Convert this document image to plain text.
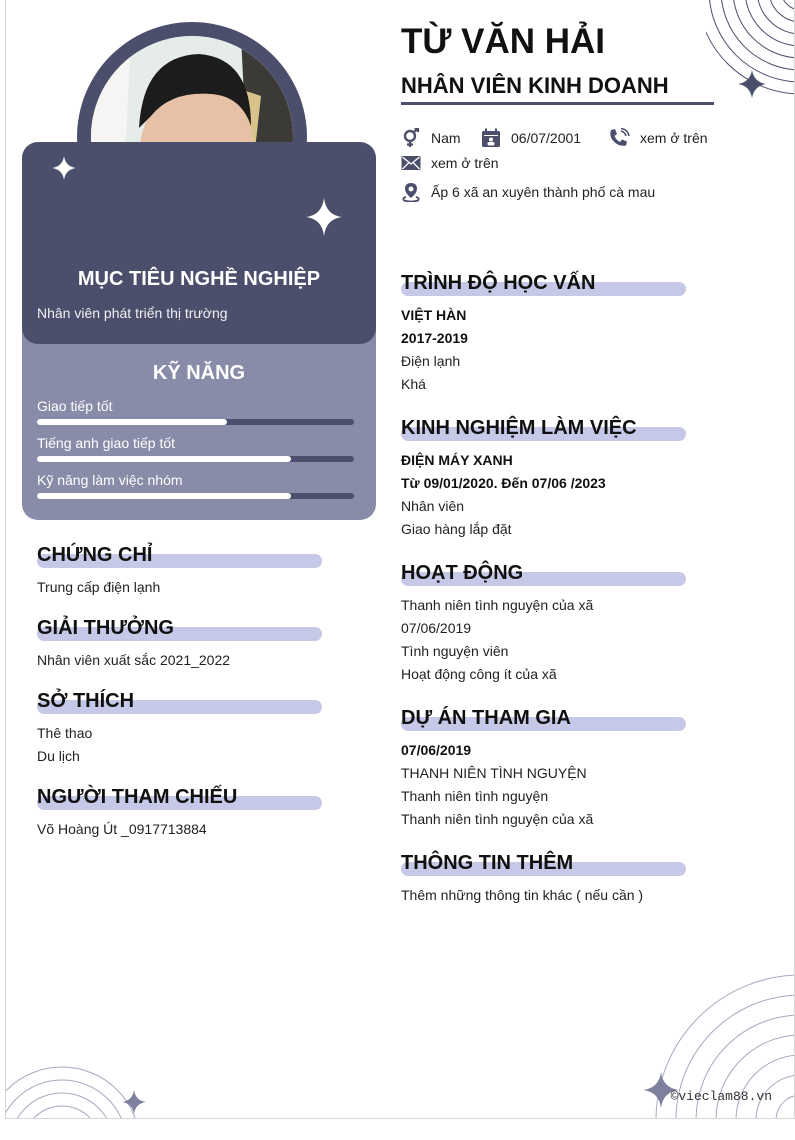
MỤC TIÊU NGHỀ NGHIỆP
Nhân viên phát triển thị trường
KỸ NĂNG
Giao tiếp tốt
Tiếng anh giao tiếp tốt
Kỹ năng làm việc nhóm
CHỨNG CHỈ
Trung cấp điện lạnh
GIẢI THƯỞNG
Nhân viên xuất sắc 2021_2022
SỞ THÍCH
Thê thao
Du lịch
NGƯỜI THAM CHIẾU
Võ Hoàng Út _0917713884
TỪ VĂN HẢI
NHÂN VIÊN KINH DOANH
Nam	06/07/2001	xem ở trên
xem ở trên
Ấp 6 xã an xuyên thành phố cà mau
TRÌNH ĐỘ HỌC VẤN
VIỆT HÀN
2017-2019
Điện lạnh
Khá
KINH NGHIỆM LÀM VIỆC
ĐIỆN MÁY XANH
Từ 09/01/2020. Đến 07/06 /2023
Nhân viên
Giao hàng lắp đặt
HOẠT ĐỘNG
Thanh niên tình nguyện của xã
07/06/2019
Tình nguyện viên
Hoạt động công ít của xã
DỰ ÁN THAM GIA
07/06/2019
THANH NIÊN TÌNH NGUYỆN
Thanh niên tình nguyện
Thanh niên tình nguyện của xã
THÔNG TIN THÊM
Thêm những thông tin khác ( nếu cần )
©vieclam88.vn
